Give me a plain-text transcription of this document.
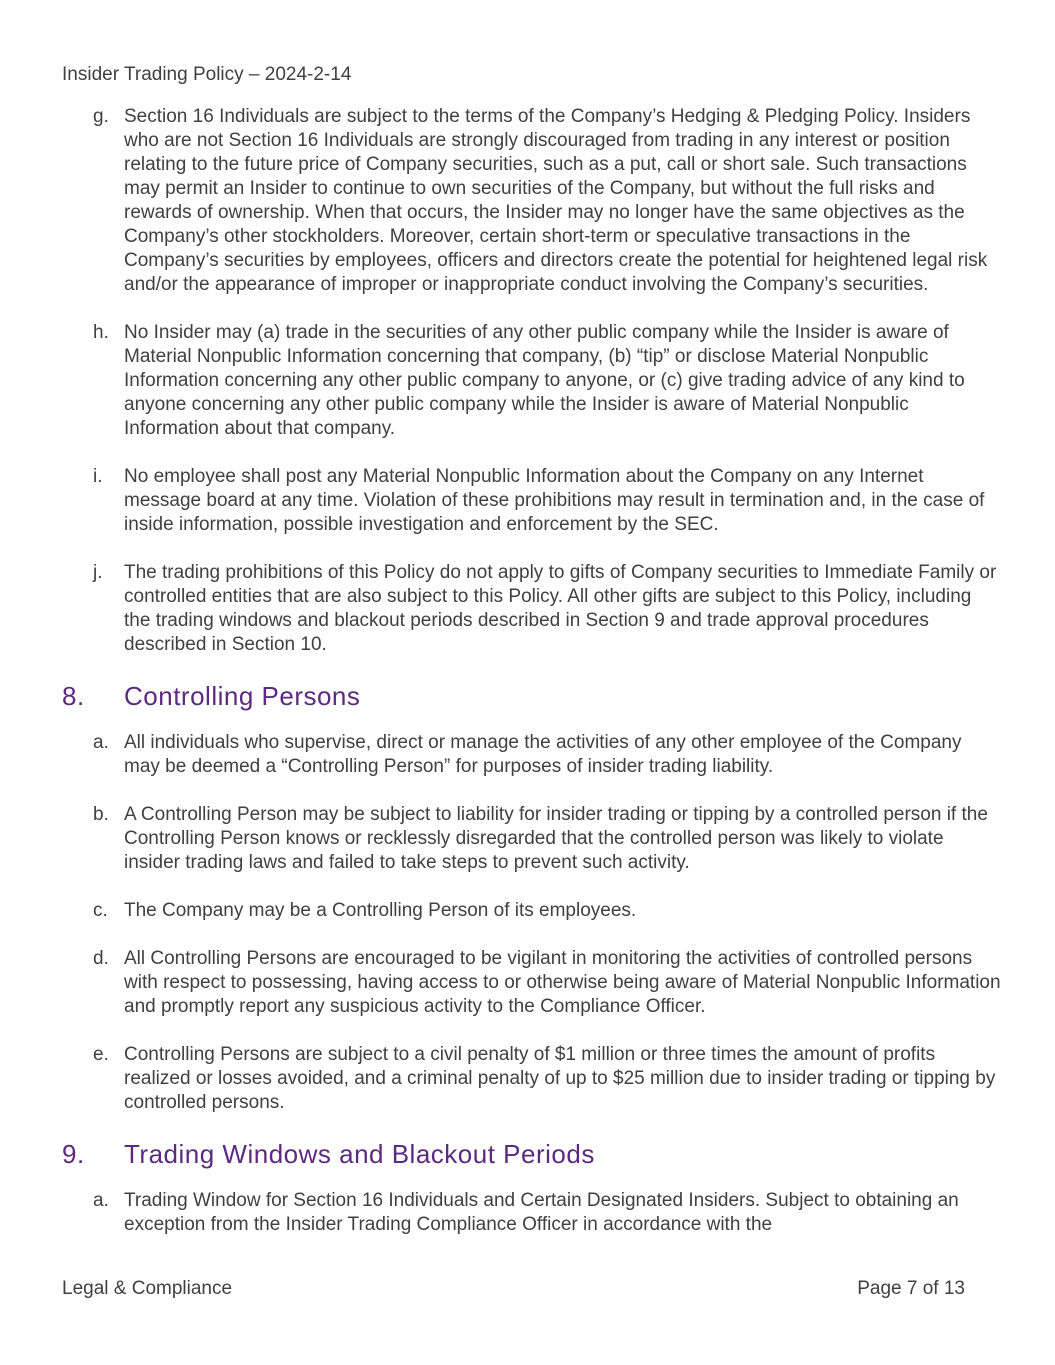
Insider Trading Policy – 2024-2-14
g. Section 16 Individuals are subject to the terms of the Company’s Hedging & Pledging Policy. Insiders who are not Section 16 Individuals are strongly discouraged from trading in any interest or position relating to the future price of Company securities, such as a put, call or short sale. Such transactions may permit an Insider to continue to own securities of the Company, but without the full risks and rewards of ownership. When that occurs, the Insider may no longer have the same objectives as the Company’s other stockholders. Moreover, certain short-term or speculative transactions in the Company’s securities by employees, officers and directors create the potential for heightened legal risk and/or the appearance of improper or inappropriate conduct involving the Company’s securities.
h. No Insider may (a) trade in the securities of any other public company while the Insider is aware of Material Nonpublic Information concerning that company, (b) “tip” or disclose Material Nonpublic Information concerning any other public company to anyone, or (c) give trading advice of any kind to anyone concerning any other public company while the Insider is aware of Material Nonpublic Information about that company.
i. No employee shall post any Material Nonpublic Information about the Company on any Internet message board at any time. Violation of these prohibitions may result in termination and, in the case of inside information, possible investigation and enforcement by the SEC.
j. The trading prohibitions of this Policy do not apply to gifts of Company securities to Immediate Family or controlled entities that are also subject to this Policy. All other gifts are subject to this Policy, including the trading windows and blackout periods described in Section 9 and trade approval procedures described in Section 10.
8. Controlling Persons
a. All individuals who supervise, direct or manage the activities of any other employee of the Company may be deemed a “Controlling Person” for purposes of insider trading liability.
b. A Controlling Person may be subject to liability for insider trading or tipping by a controlled person if the Controlling Person knows or recklessly disregarded that the controlled person was likely to violate insider trading laws and failed to take steps to prevent such activity.
c. The Company may be a Controlling Person of its employees.
d. All Controlling Persons are encouraged to be vigilant in monitoring the activities of controlled persons with respect to possessing, having access to or otherwise being aware of Material Nonpublic Information and promptly report any suspicious activity to the Compliance Officer.
e. Controlling Persons are subject to a civil penalty of $1 million or three times the amount of profits realized or losses avoided, and a criminal penalty of up to $25 million due to insider trading or tipping by controlled persons.
9. Trading Windows and Blackout Periods
a. Trading Window for Section 16 Individuals and Certain Designated Insiders. Subject to obtaining an exception from the Insider Trading Compliance Officer in accordance with the
Legal & Compliance	Page 7 of 13
